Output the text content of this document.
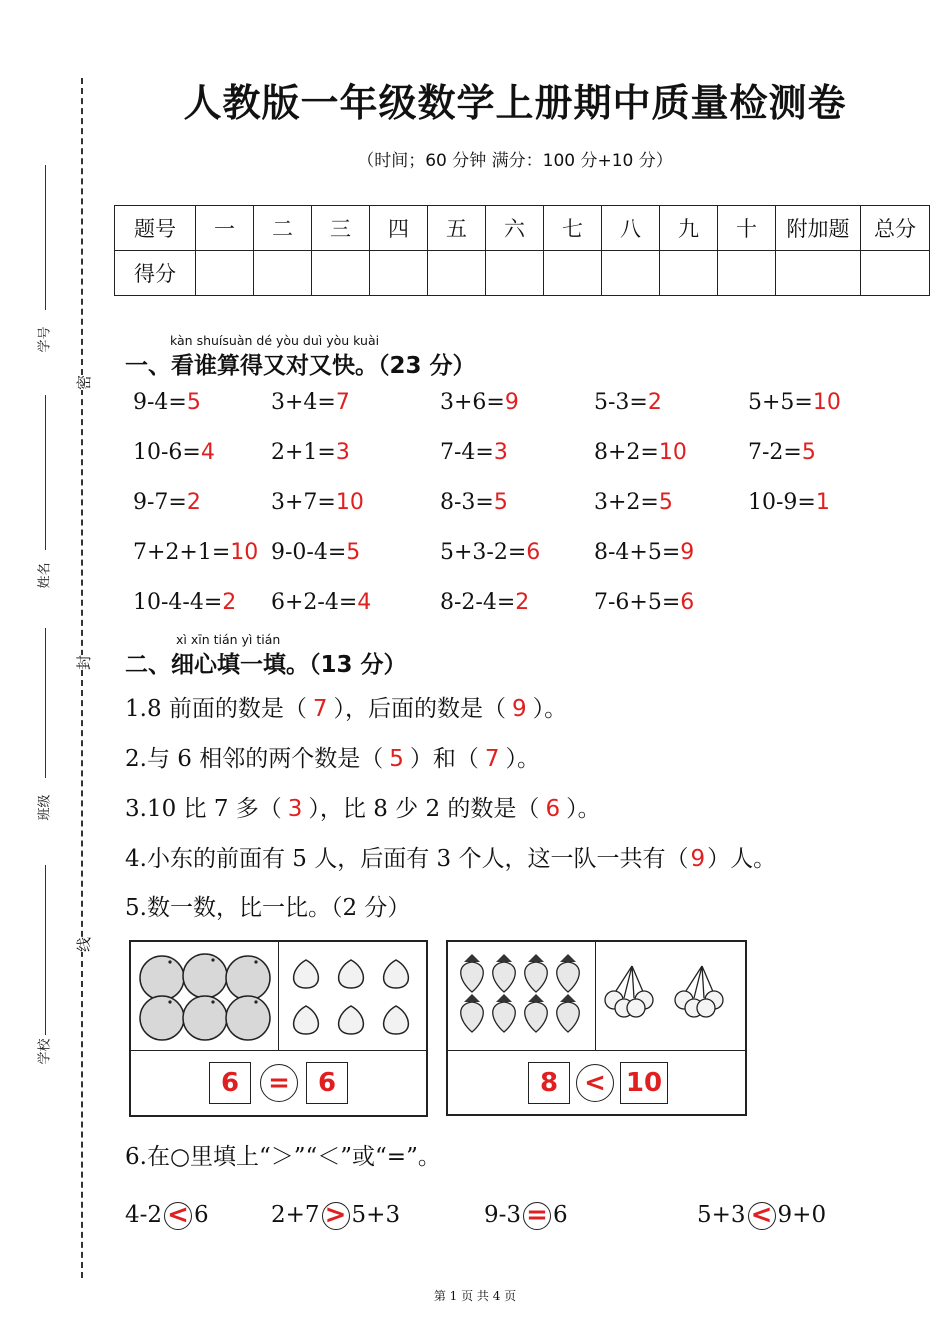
密
封
线
学号
姓名
班级
学校
人教版一年级数学上册期中质量检测卷
（时间；60 分钟 满分：100 分+10 分）
题号	一	二	三	四	五	六	七	八	九	十	附加题	总分
得分												
kàn shuísuàn dé yòu duì yòu kuài
一、看谁算得又对又快。（23 分）
9-4=5	3+4=7	3+6=9	5-3=2	5+5=10
10-6=4	2+1=3	7-4=3	8+2=10	7-2=5
9-7=2	3+7=10	8-3=5	3+2=5	10-9=1
7+2+1=10 9-0-4=5	5+3-2=6 8-4+5=9
10-4-4=2 6+2-4=4	8-2-4=2	7-6+5=6
xì xīn tián yì tián
二、细心填一填。（13 分）
1.8 前面的数是（ 7 ），后面的数是（ 9 ）。
2.与 6 相邻的两个数是（ 5 ）和（ 7 ）。
3.10 比 7 多（ 3 ），比 8 少 2 的数是（ 6 ）。
4.小东的前面有 5 人，后面有 3 个人，这一队一共有（9）人。
5.数一数，比一比。（2 分）
6	=	6	8	< 10
6.在○里填上“＞”“＜”或“=”。
4-2 < 6	2+7 > 5+3	9-3 = 6	5+3 < 9+0
第 1 页 共 4 页
